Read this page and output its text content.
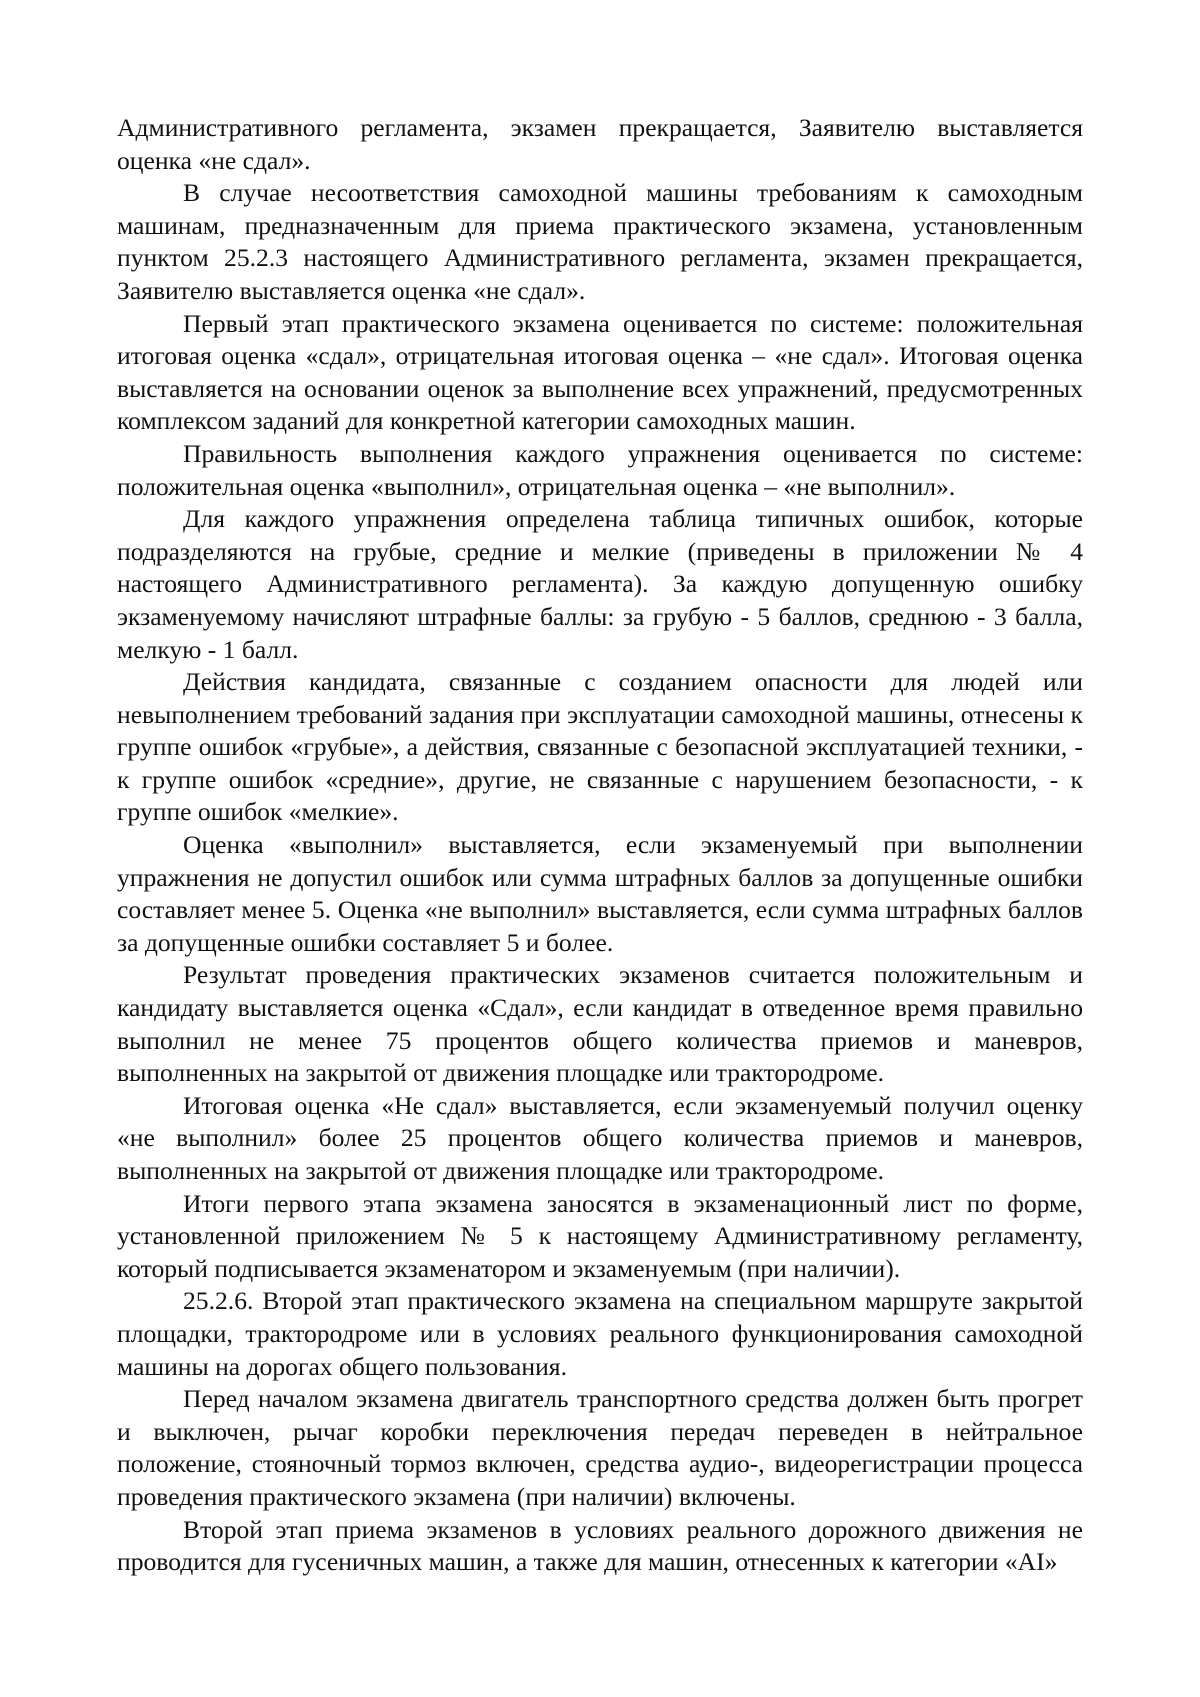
Административного регламента, экзамен прекращается, Заявителю выставляется оценка «не сдал».

В случае несоответствия самоходной машины требованиям к самоходным машинам, предназначенным для приема практического экзамена, установленным пунктом 25.2.3 настоящего Административного регламента, экзамен прекращается, Заявителю выставляется оценка «не сдал».

Первый этап практического экзамена оценивается по системе: положительная итоговая оценка «сдал», отрицательная итоговая оценка – «не сдал». Итоговая оценка выставляется на основании оценок за выполнение всех упражнений, предусмотренных комплексом заданий для конкретной категории самоходных машин.

Правильность выполнения каждого упражнения оценивается по системе: положительная оценка «выполнил», отрицательная оценка – «не выполнил».

Для каждого упражнения определена таблица типичных ошибок, которые подразделяются на грубые, средние и мелкие (приведены в приложении № 4 настоящего Административного регламента). За каждую допущенную ошибку экзаменуемому начисляют штрафные баллы: за грубую - 5 баллов, среднюю - 3 балла, мелкую - 1 балл.

Действия кандидата, связанные с созданием опасности для людей или невыполнением требований задания при эксплуатации самоходной машины, отнесены к группе ошибок «грубые», а действия, связанные с безопасной эксплуатацией техники, - к группе ошибок «средние», другие, не связанные с нарушением безопасности, - к группе ошибок «мелкие».

Оценка «выполнил» выставляется, если экзаменуемый при выполнении упражнения не допустил ошибок или сумма штрафных баллов за допущенные ошибки составляет менее 5. Оценка «не выполнил» выставляется, если сумма штрафных баллов за допущенные ошибки составляет 5 и более.

Результат проведения практических экзаменов считается положительным и кандидату выставляется оценка «Сдал», если кандидат в отведенное время правильно выполнил не менее 75 процентов общего количества приемов и маневров, выполненных на закрытой от движения площадке или трактородроме.

Итоговая оценка «Не сдал» выставляется, если экзаменуемый получил оценку «не выполнил» более 25 процентов общего количества приемов и маневров, выполненных на закрытой от движения площадке или трактородроме.

Итоги первого этапа экзамена заносятся в экзаменационный лист по форме, установленной приложением № 5 к настоящему Административному регламенту, который подписывается экзаменатором и экзаменуемым (при наличии).

25.2.6. Второй этап практического экзамена на специальном маршруте закрытой площадки, трактородроме или в условиях реального функционирования самоходной машины на дорогах общего пользования.

Перед началом экзамена двигатель транспортного средства должен быть прогрет и выключен, рычаг коробки переключения передач переведен в нейтральное положение, стояночный тормоз включен, средства аудио-, видеорегистрации процесса проведения практического экзамена (при наличии) включены.

Второй этап приема экзаменов в условиях реального дорожного движения не проводится для гусеничных машин, а также для машин, отнесенных к категории «AI»
